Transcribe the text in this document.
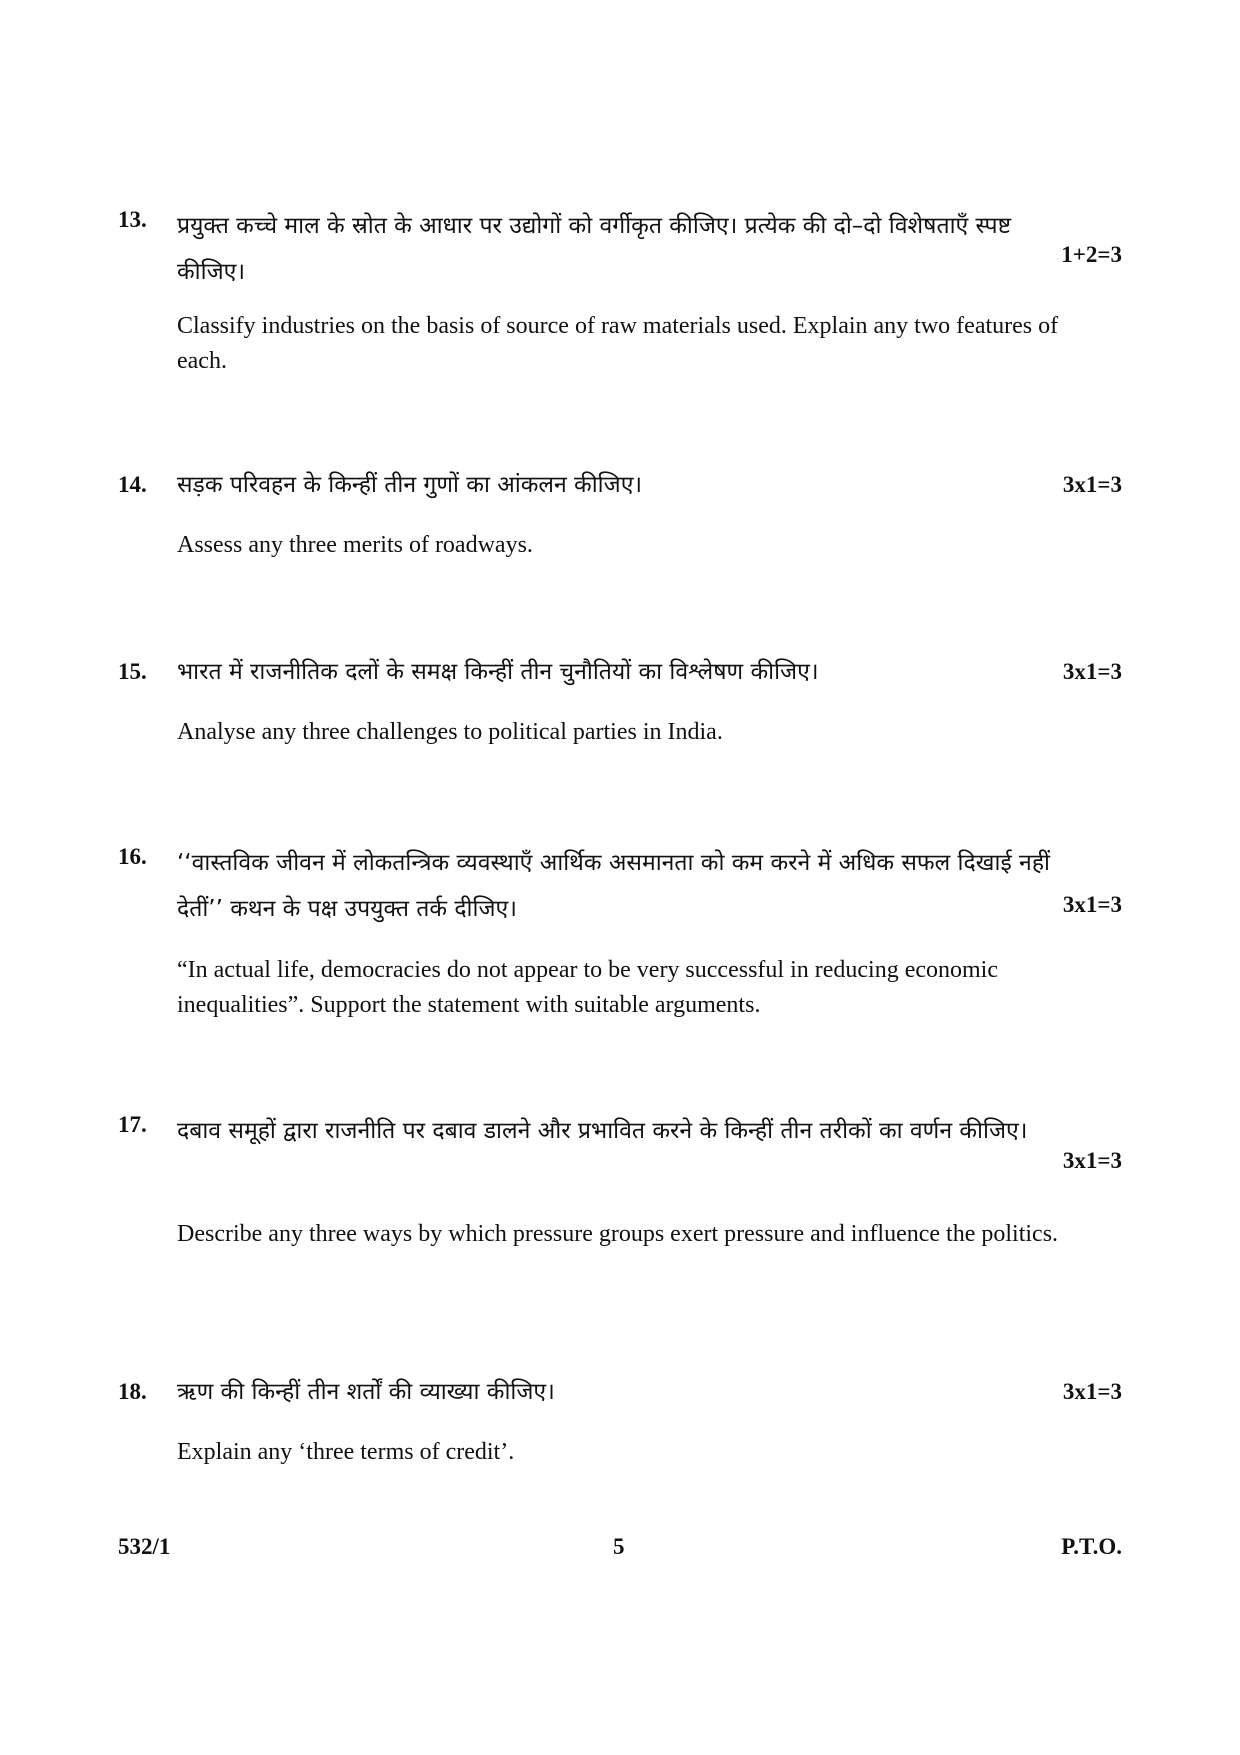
13. प्रयुक्त कच्चे माल के स्रोत के आधार पर उद्योगों को वर्गीकृत कीजिए। प्रत्येक की दो–दो विशेषताएँ स्पष्ट कीजिए।
1+2=3
Classify industries on the basis of source of raw materials used. Explain any two features of each.
14. सड़क परिवहन के किन्हीं तीन गुणों का आंकलन कीजिए।	3x1=3
Assess any three merits of roadways.
15. भारत में राजनीतिक दलों के समक्ष किन्हीं तीन चुनौतियों का विश्लेषण कीजिए।	3x1=3
Analyse any three challenges to political parties in India.
16. ‘‘वास्तविक जीवन में लोकतन्त्रिक व्यवस्थाएँ आर्थिक असमानता को कम करने में अधिक सफल दिखाई नहीं देतीं’’ कथन के पक्ष उपयुक्त तर्क दीजिए।	3x1=3
“In actual life, democracies do not appear to be very successful in reducing economic inequalities”. Support the statement with suitable arguments.
17. दबाव समूहों द्वारा राजनीति पर दबाव डालने और प्रभावित करने के किन्हीं तीन तरीकों का वर्णन कीजिए।
3x1=3
Describe any three ways by which pressure groups exert pressure and influence the politics.
18. ऋण की किन्हीं तीन शर्तों की व्याख्या कीजिए।	3x1=3
Explain any ‘three terms of credit’.
532/1	5	P.T.O.
